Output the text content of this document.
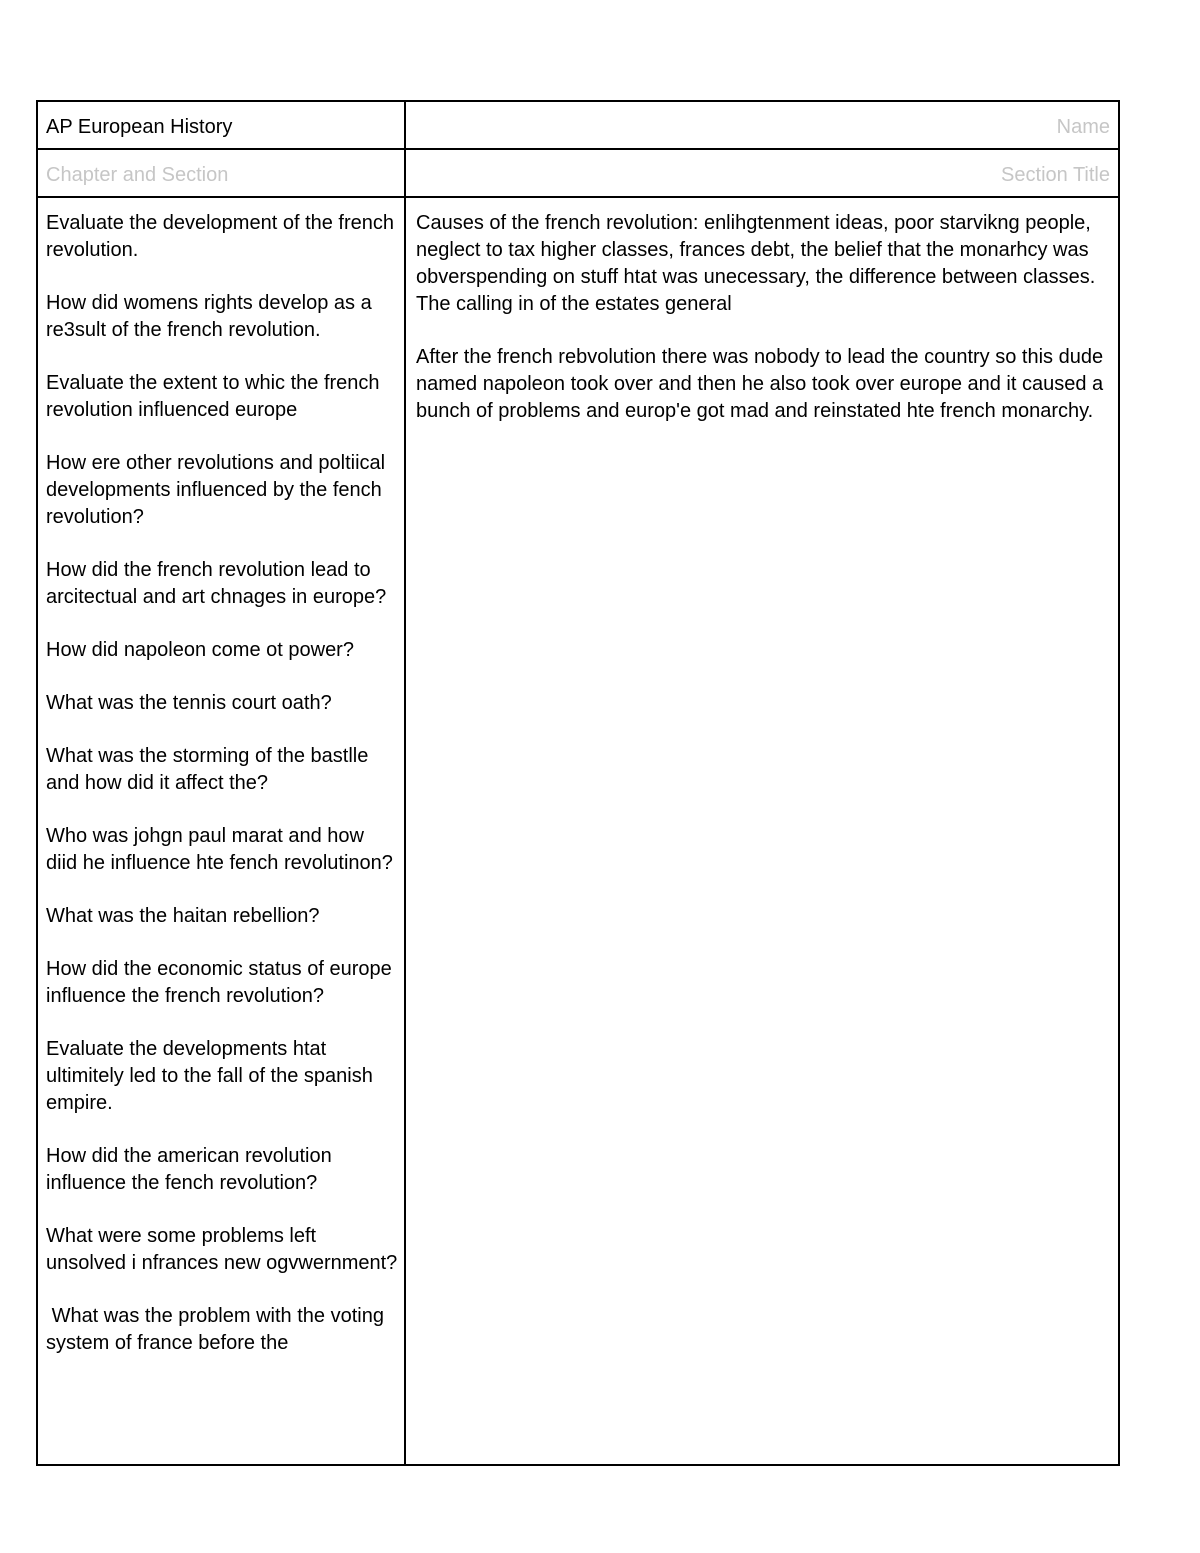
AP European History	Name
Chapter and Section	Section Title

Evaluate the development of the french revolution.

How did womens rights develop as a re3sult of the french revolution.

Evaluate the extent to whic the french revolution influenced europe

How ere other revolutions and poltiical developments influenced by the fench revolution?

How did the french revolution lead to arcitectual and art chnages in europe?

How did napoleon come ot power?

What was the tennis court oath?

What was the storming of the bastlle and how did it affect the?

Who was johgn paul marat and how diid he influence hte fench revolutinon?

What was the haitan rebellion?

How did the economic status of europe influence the french revolution?

Evaluate the developments htat ultimitely led to the fall of the spanish empire.

How did the american revolution influence the fench revolution?

What were some problems left unsolved i nfrances new ogvwernment?

What was the problem with the voting system of france before the

Causes of the french revolution: enlihgtenment ideas, poor starvikng people, neglect to tax higher classes, frances debt, the belief that the monarhcy was obverspending on stuff htat was unecessary, the difference between classes. The calling in of the estates general

After the french rebvolution there was nobody to lead the country so this dude named napoleon took over and then he also took over europe and it caused a bunch of problems and europ'e got mad and reinstated hte french monarchy.
